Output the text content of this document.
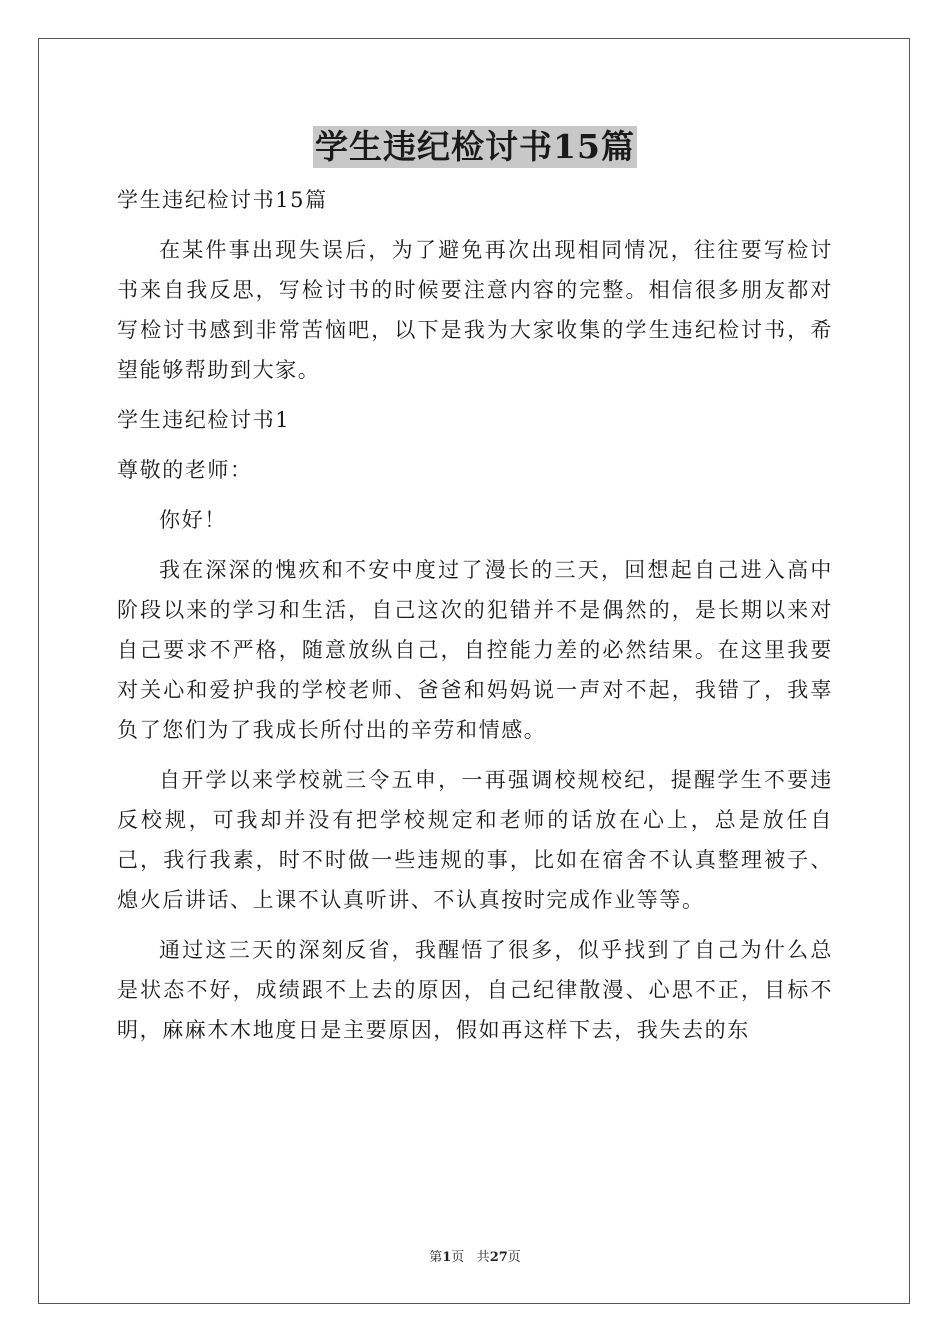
学生违纪检讨书15篇

学生违纪检讨书15篇

在某件事出现失误后，为了避免再次出现相同情况，往往要写检讨书来自我反思，写检讨书的时候要注意内容的完整。相信很多朋友都对写检讨书感到非常苦恼吧，以下是我为大家收集的学生违纪检讨书，希望能够帮助到大家。

学生违纪检讨书1

尊敬的老师：

你好！

我在深深的愧疚和不安中度过了漫长的三天，回想起自己进入高中阶段以来的学习和生活，自己这次的犯错并不是偶然的，是长期以来对自己要求不严格，随意放纵自己，自控能力差的必然结果。在这里我要对关心和爱护我的学校老师、爸爸和妈妈说一声对不起，我错了，我辜负了您们为了我成长所付出的辛劳和情感。

自开学以来学校就三令五申，一再强调校规校纪，提醒学生不要违反校规，可我却并没有把学校规定和老师的话放在心上，总是放任自己，我行我素，时不时做一些违规的事，比如在宿舍不认真整理被子、熄火后讲话、上课不认真听讲、不认真按时完成作业等等。

通过这三天的深刻反省，我醒悟了很多，似乎找到了自己为什么总是状态不好，成绩跟不上去的原因，自己纪律散漫、心思不正，目标不明，麻麻木木地度日是主要原因，假如再这样下去，我失去的东

第1页 共27页
